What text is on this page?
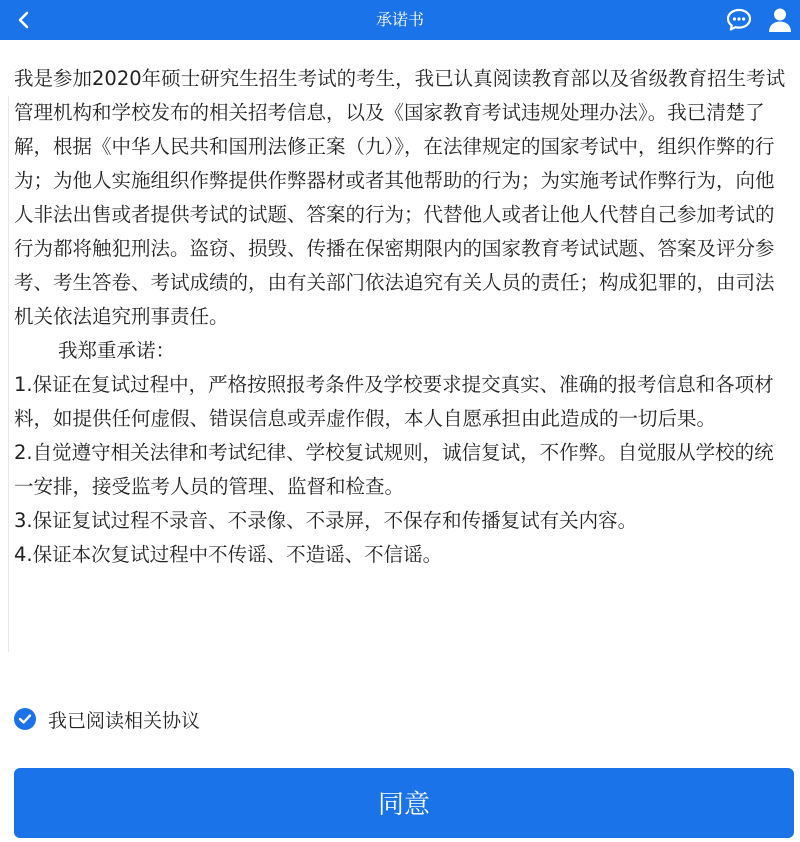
承诺书

我是参加2020年硕士研究生招生考试的考生，我已认真阅读教育部以及省级教育招生考试管理机构和学校发布的相关招考信息，以及《国家教育考试违规处理办法》。我已清楚了解，根据《中华人民共和国刑法修正案（九）》，在法律规定的国家考试中，组织作弊的行为；为他人实施组织作弊提供作弊器材或者其他帮助的行为；为实施考试作弊行为，向他人非法出售或者提供考试的试题、答案的行为；代替他人或者让他人代替自己参加考试的行为都将触犯刑法。盗窃、损毁、传播在保密期限内的国家教育考试试题、答案及评分参考、考生答卷、考试成绩的，由有关部门依法追究有关人员的责任；构成犯罪的，由司法机关依法追究刑事责任。

我郑重承诺：

1.保证在复试过程中，严格按照报考条件及学校要求提交真实、准确的报考信息和各项材料，如提供任何虚假、错误信息或弄虚作假，本人自愿承担由此造成的一切后果。

2.自觉遵守相关法律和考试纪律、学校复试规则，诚信复试，不作弊。自觉服从学校的统一安排，接受监考人员的管理、监督和检查。

3.保证复试过程不录音、不录像、不录屏，不保存和传播复试有关内容。

4.保证本次复试过程中不传谣、不造谣、不信谣。

我已阅读相关协议
同意
